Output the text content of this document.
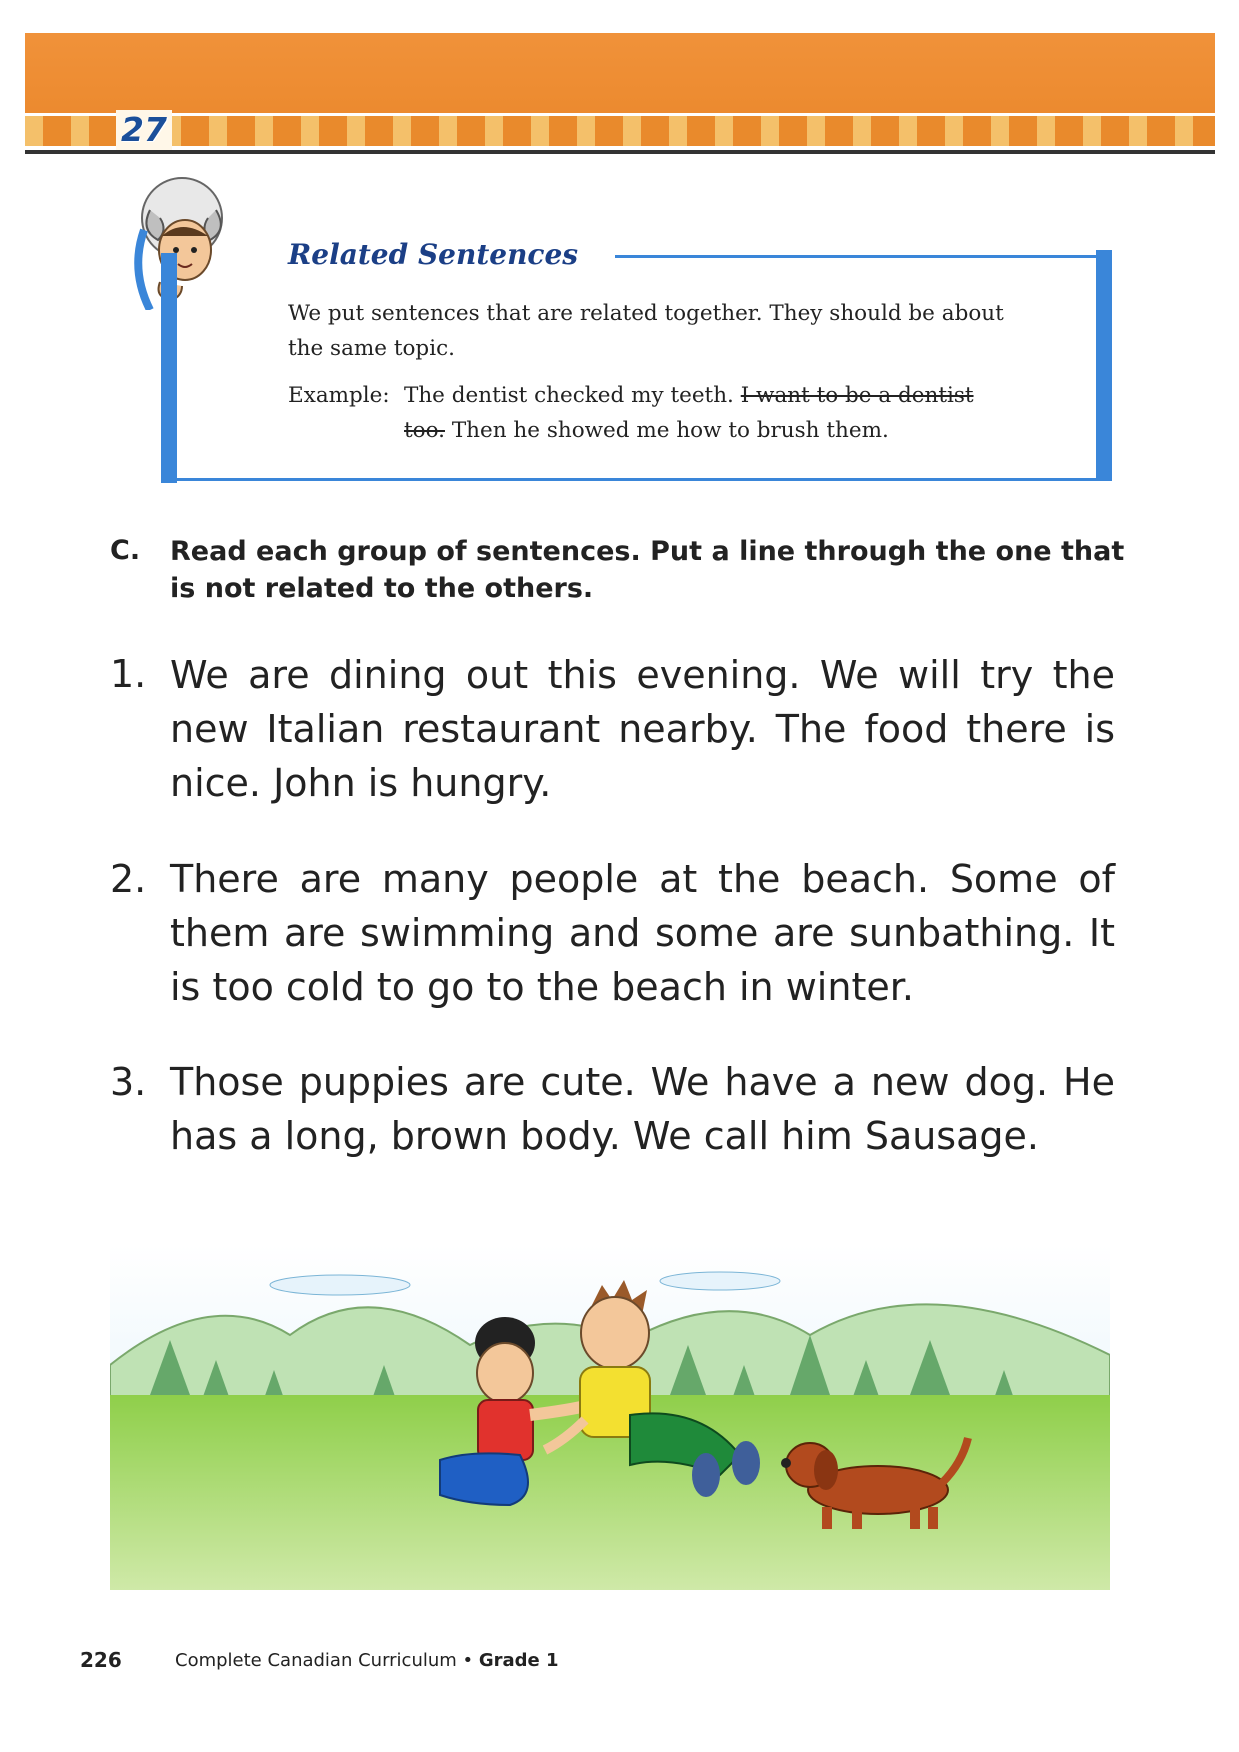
27
Related Sentences
We put sentences that are related together. They should be about the same topic.
Example: The dentist checked my teeth. I want to be a dentist
too. Then he showed me how to brush them.
C. Read each group of sentences. Put a line through the one that is not related to the others.
1. We are dining out this evening. We will try the new Italian restaurant nearby. The food there is nice. John is hungry.
2. There are many people at the beach. Some of them are swimming and some are sunbathing. It is too cold to go to the beach in winter.
3. Those puppies are cute. We have a new dog. He has a long, brown body. We call him Sausage.
226	Complete Canadian Curriculum • Grade 1
